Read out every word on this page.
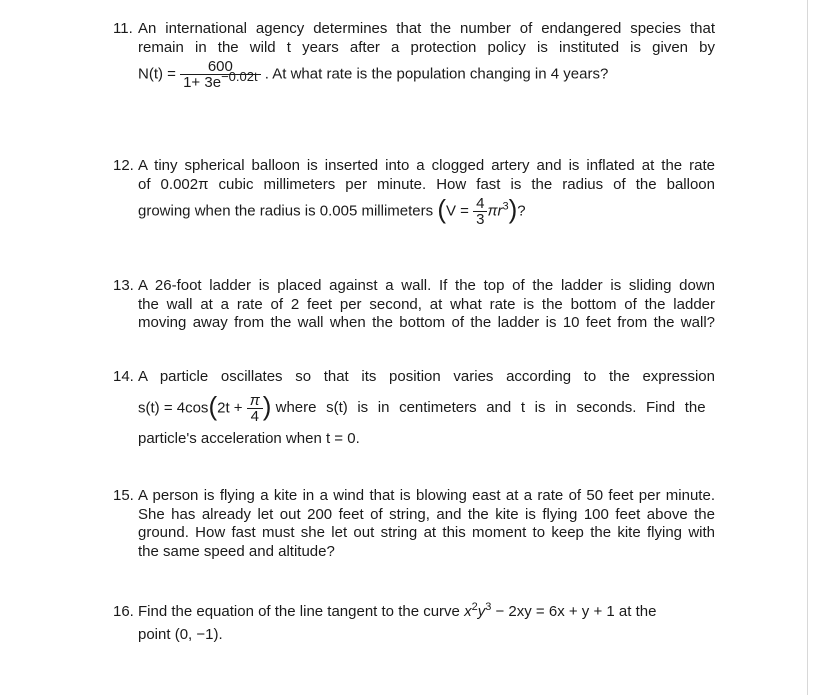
11. An international agency determines that the number of endangered species that
remain in the wild t years after a protection policy is instituted is given by
$N(t) = \frac{600}{1+ 3e^{-0.02t}}$ . At what rate is the population changing in 4 years?
12. A tiny spherical balloon is inserted into a clogged artery and is inflated at the rate
of 0.002π cubic millimeters per minute. How fast is the radius of the balloon
growing when the radius is 0.005 millimeters $(V = \frac{4}{3} \pi r^3)$?
13. A 26-foot ladder is placed against a wall. If the top of the ladder is sliding down
the wall at a rate of 2 feet per second, at what rate is the bottom of the ladder
moving away from the wall when the bottom of the ladder is 10 feet from the wall?
14. A particle oscillates so that its position varies according to the expression
$s(t) = 4\cos(2t + \frac{\pi}{4}$ ) where s(t) is in centimeters and t is in seconds. Find the
particle's acceleration when t = 0.
15. A person is flying a kite in a wind that is blowing east at a rate of 50 feet per minute.
She has already let out 200 feet of string, and the kite is flying 100 feet above the
ground. How fast must she let out string at this moment to keep the kite flying with
the same speed and altitude?
16. Find the equation of the line tangent to the curve $x^2y^3 - 2xy = 6x + y + 1$ at the
point (0, −1).
